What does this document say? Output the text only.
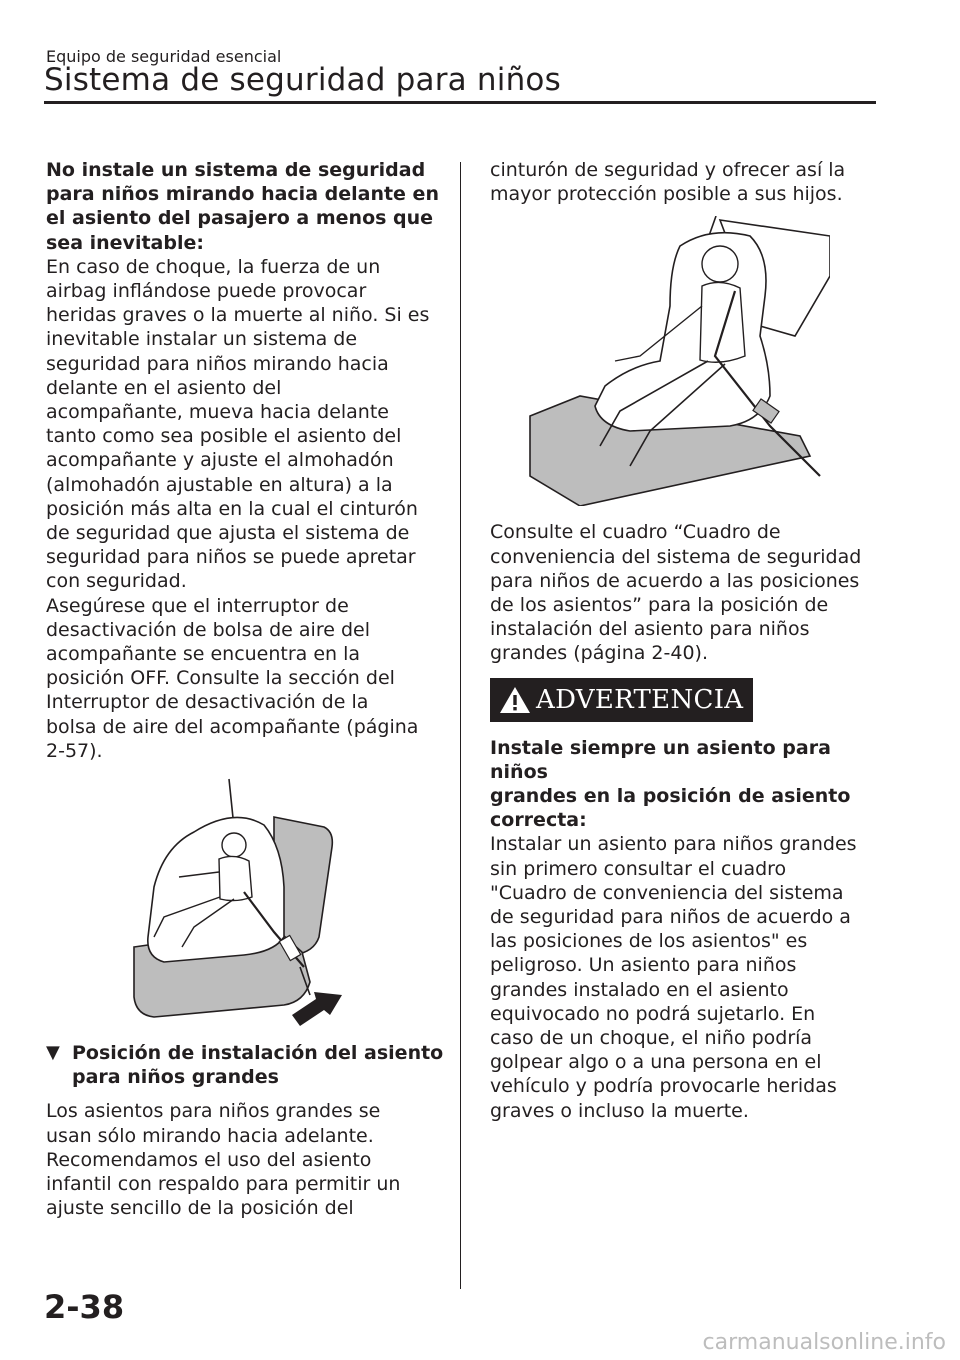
Equipo de seguridad esencial
Sistema de seguridad para niños

No instale un sistema de seguridad
para niños mirando hacia delante en
el asiento del pasajero a menos que
sea inevitable:

En caso de choque, la fuerza de un
airbag inflándose puede provocar
heridas graves o la muerte al niño. Si es
inevitable instalar un sistema de
seguridad para niños mirando hacia
delante en el asiento del
acompañante, mueva hacia delante
tanto como sea posible el asiento del
acompañante y ajuste el almohadón
(almohadón ajustable en altura) a la
posición más alta en la cual el cinturón
de seguridad que ajusta el sistema de
seguridad para niños se puede apretar
con seguridad.

Asegúrese que el interruptor de
desactivación de bolsa de aire del
acompañante se encuentra en la
posición OFF. Consulte la sección del
Interruptor de desactivación de la
bolsa de aire del acompañante (página
2-57).

▼ Posición de instalación del asiento
para niños grandes

Los asientos para niños grandes se
usan sólo mirando hacia adelante.
Recomendamos el uso del asiento
infantil con respaldo para permitir un
ajuste sencillo de la posición del

cinturón de seguridad y ofrecer así la
mayor protección posible a sus hijos.

Consulte el cuadro “Cuadro de
conveniencia del sistema de seguridad
para niños de acuerdo a las posiciones
de los asientos” para la posición de
instalación del asiento para niños
grandes (página 2-40).

ADVERTENCIA

Instale siempre un asiento para niños
grandes en la posición de asiento
correcta:

Instalar un asiento para niños grandes
sin primero consultar el cuadro
"Cuadro de conveniencia del sistema
de seguridad para niños de acuerdo a
las posiciones de los asientos" es
peligroso. Un asiento para niños
grandes instalado en el asiento
equivocado no podrá sujetarlo. En
caso de un choque, el niño podría
golpear algo o a una persona en el
vehículo y podría provocarle heridas
graves o incluso la muerte.

2-38
carmanualsonline.info
